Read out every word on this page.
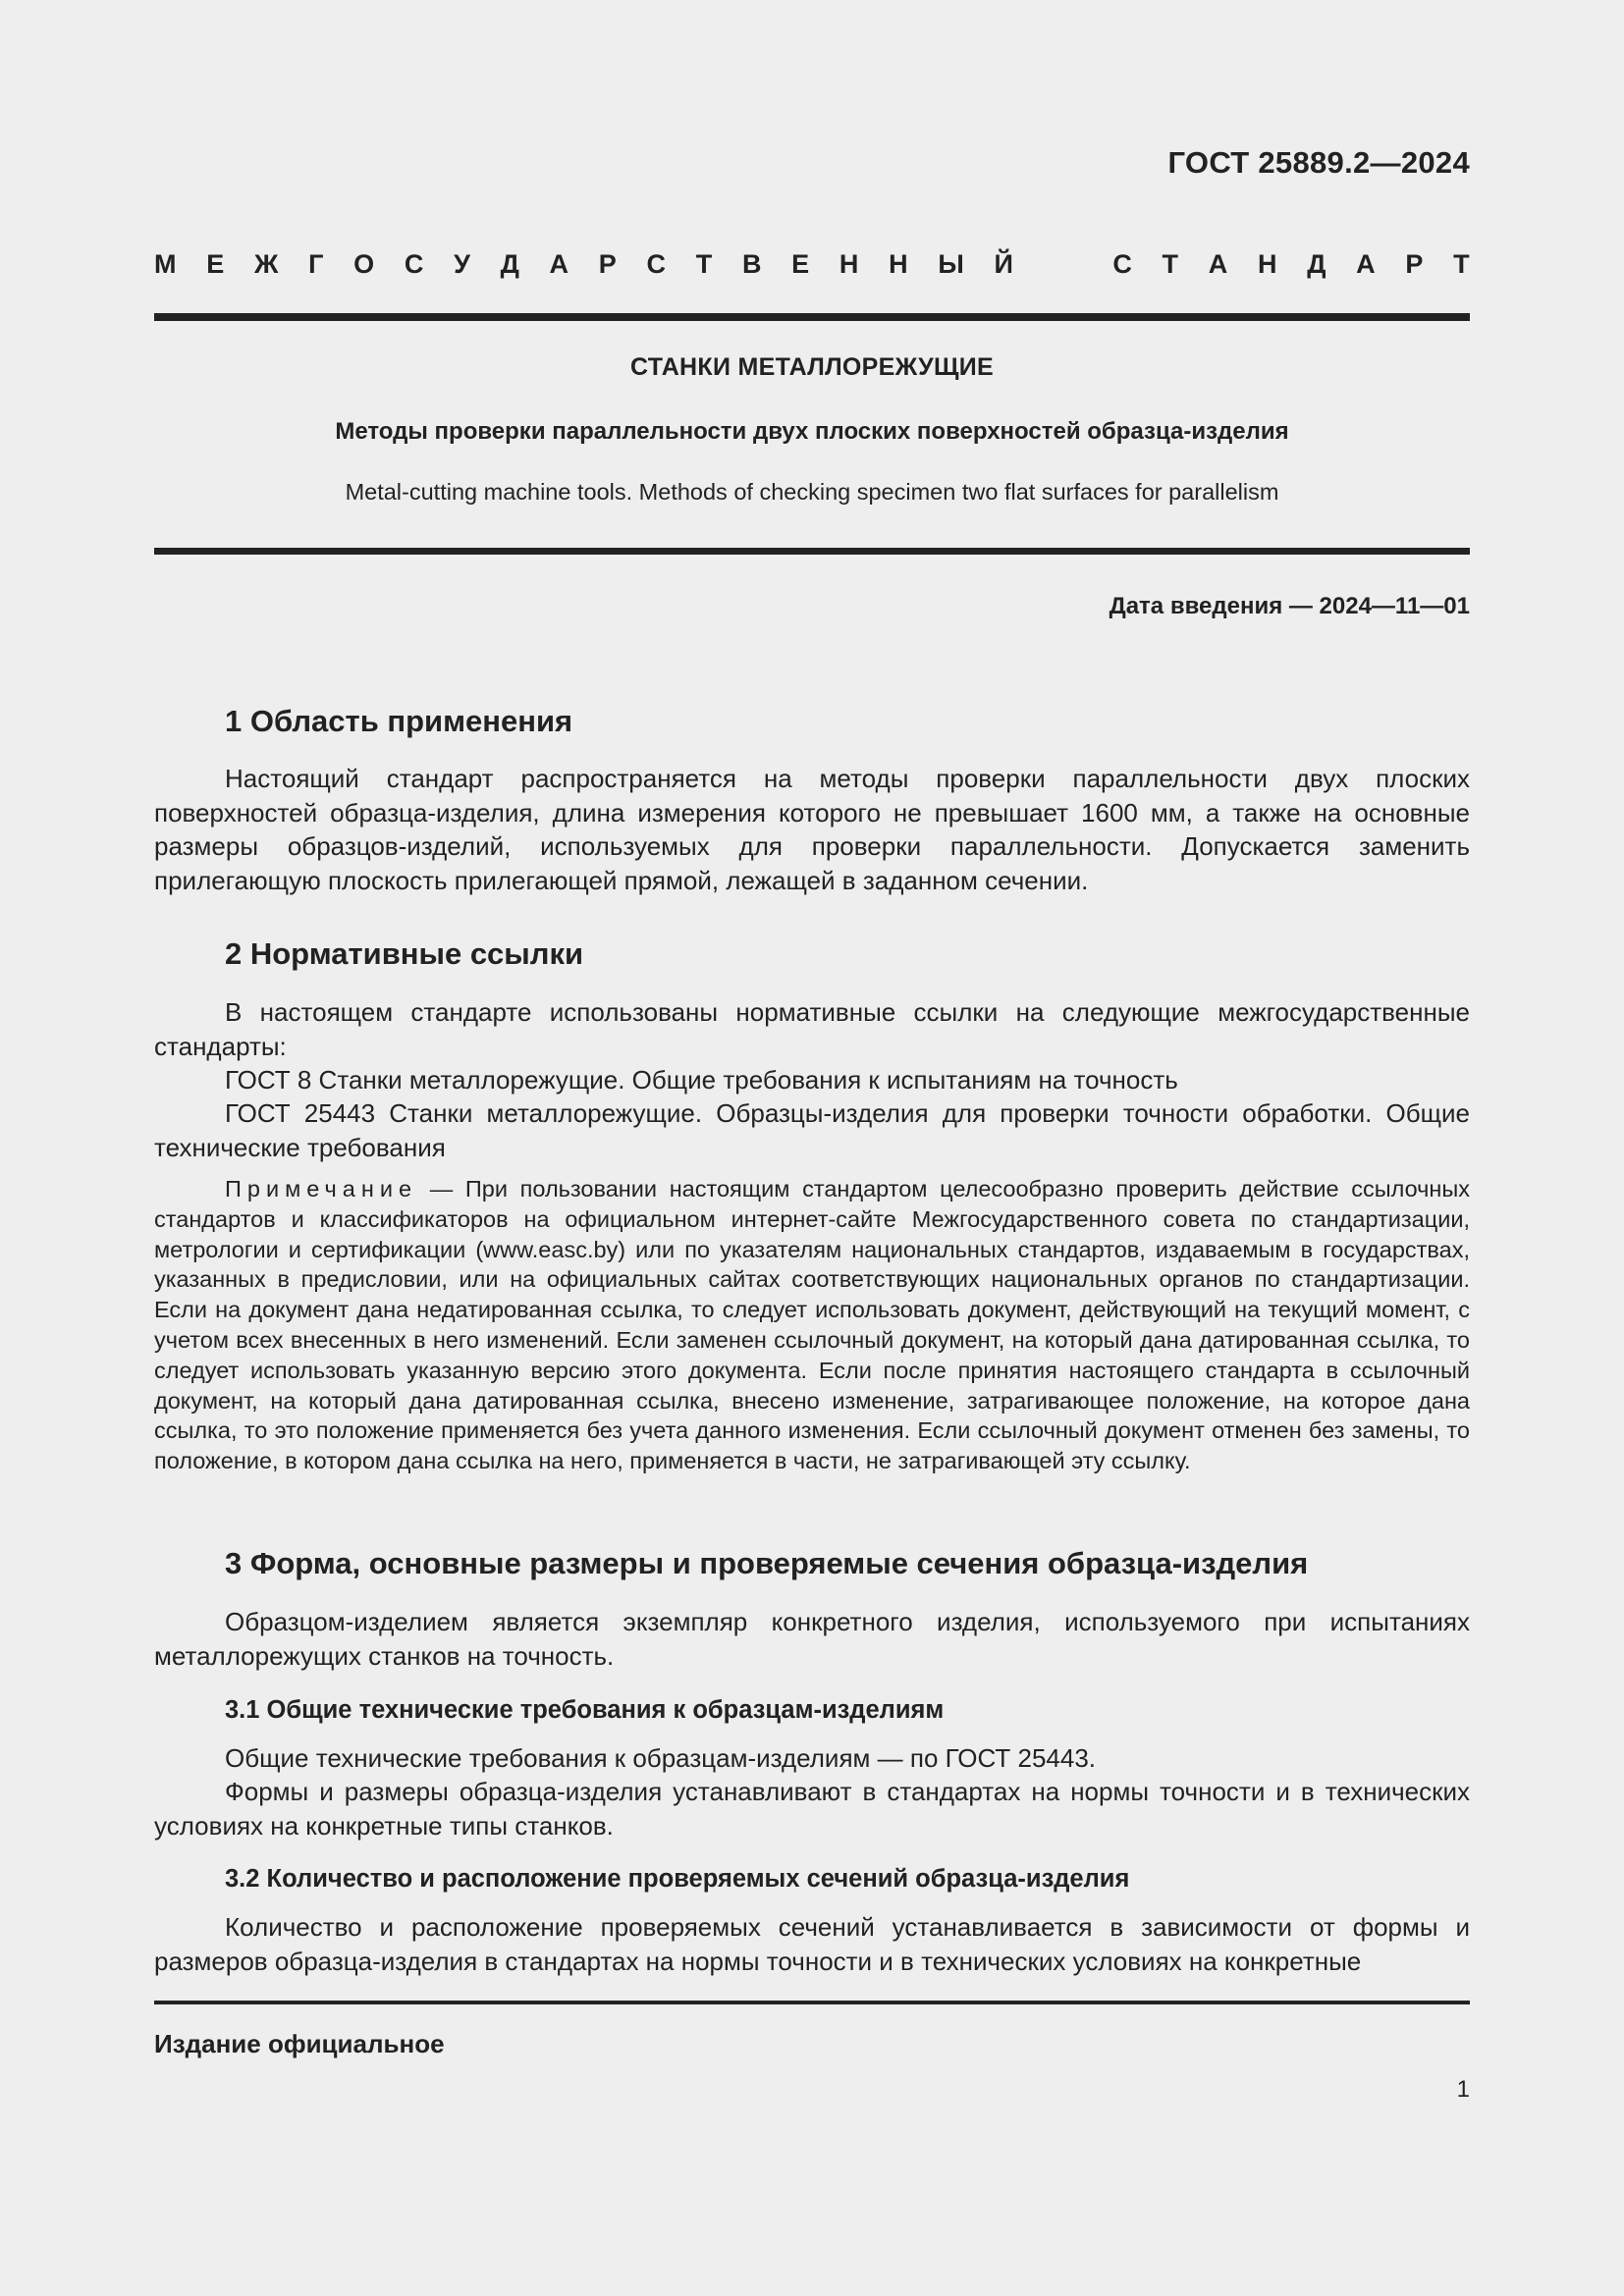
ГОСТ 25889.2—2024
М Е Ж Г О С У Д А Р С Т В Е Н Н Ы Й	С Т А Н Д А Р Т
СТАНКИ МЕТАЛЛОРЕЖУЩИЕ
Методы проверки параллельности двух плоских поверхностей образца-изделия
Metal-cutting machine tools. Methods of checking specimen two flat surfaces for parallelism
Дата введения — 2024—11—01
1 Область применения

Настоящий стандарт распространяется на методы проверки параллельности двух плоских поверхностей образца-изделия, длина измерения которого не превышает 1600 мм, а также на основные размеры образцов-изделий, используемых для проверки параллельности. Допускается заменить прилегающую плоскость прилегающей прямой, лежащей в заданном сечении.

2 Нормативные ссылки

В настоящем стандарте использованы нормативные ссылки на следующие межгосударственные стандарты:

ГОСТ 8 Станки металлорежущие. Общие требования к испытаниям на точность

ГОСТ 25443 Станки металлорежущие. Образцы-изделия для проверки точности обработки. Общие технические требования

Примечание — При пользовании настоящим стандартом целесообразно проверить действие ссылочных стандартов и классификаторов на официальном интернет-сайте Межгосударственного совета по стандартизации, метрологии и сертификации (www.easc.by) или по указателям национальных стандартов, издаваемым в государствах, указанных в предисловии, или на официальных сайтах соответствующих национальных органов по стандартизации. Если на документ дана недатированная ссылка, то следует использовать документ, действующий на текущий момент, с учетом всех внесенных в него изменений. Если заменен ссылочный документ, на который дана датированная ссылка, то следует использовать указанную версию этого документа. Если после принятия настоящего стандарта в ссылочный документ, на который дана датированная ссылка, внесено изменение, затрагивающее положение, на которое дана ссылка, то это положение применяется без учета данного изменения. Если ссылочный документ отменен без замены, то положение, в котором дана ссылка на него, применяется в части, не затрагивающей эту ссылку.

3 Форма, основные размеры и проверяемые сечения образца-изделия

Образцом-изделием является экземпляр конкретного изделия, используемого при испытаниях металлорежущих станков на точность.

3.1 Общие технические требования к образцам-изделиям

Общие технические требования к образцам-изделиям — по ГОСТ 25443.

Формы и размеры образца-изделия устанавливают в стандартах на нормы точности и в технических условиях на конкретные типы станков.

3.2 Количество и расположение проверяемых сечений образца-изделия

Количество и расположение проверяемых сечений устанавливается в зависимости от формы и размеров образца-изделия в стандартах на нормы точности и в технических условиях на конкретные

Издание официальное
1
